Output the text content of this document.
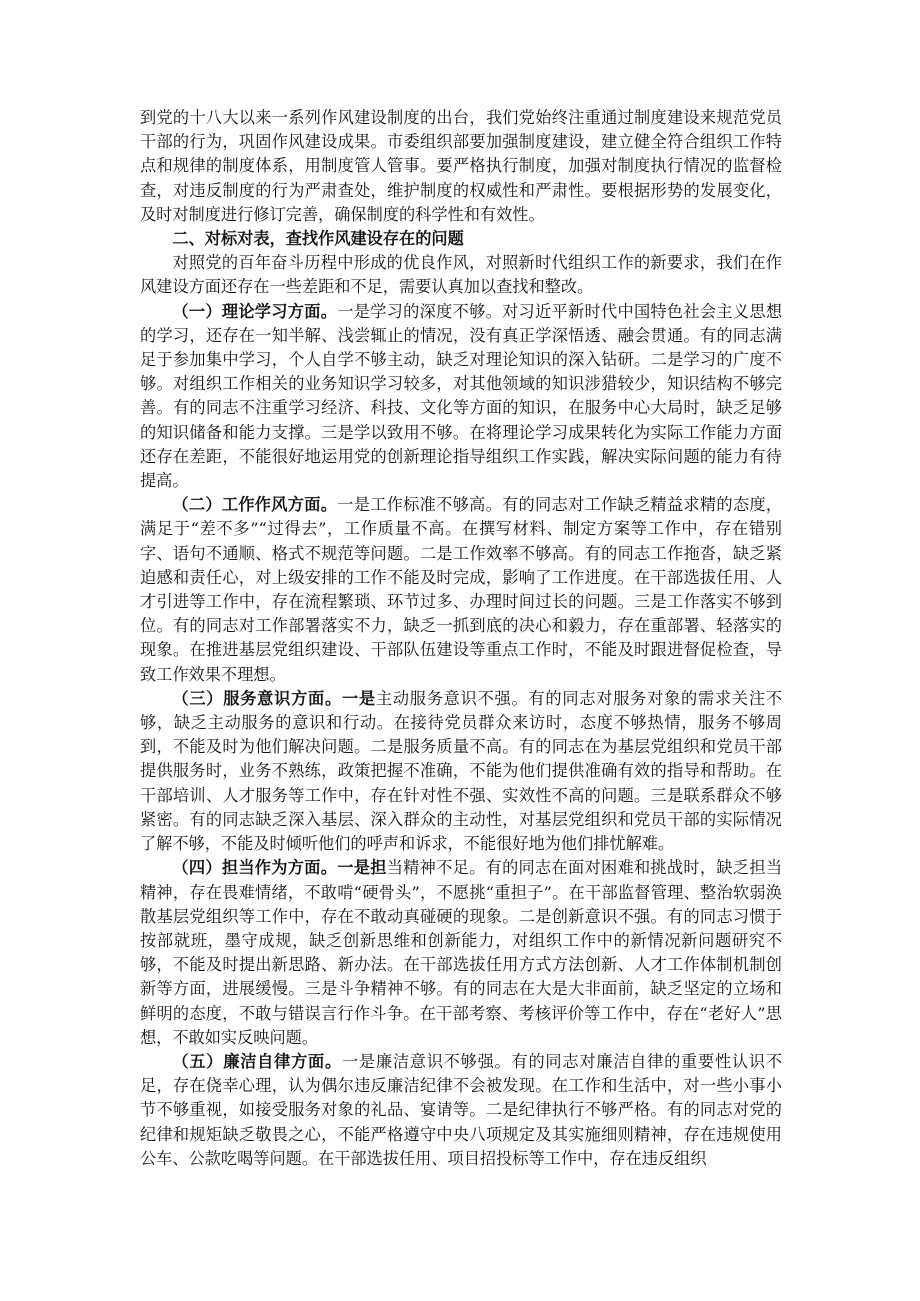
到党的十八大以来一系列作风建设制度的出台，我们党始终注重通过制度建设来规范党员干部的行为，巩固作风建设成果。市委组织部要加强制度建设，建立健全符合组织工作特点和规律的制度体系，用制度管人管事。要严格执行制度，加强对制度执行情况的监督检查，对违反制度的行为严肃查处，维护制度的权威性和严肃性。要根据形势的发展变化，及时对制度进行修订完善，确保制度的科学性和有效性。

二、对标对表，查找作风建设存在的问题

对照党的百年奋斗历程中形成的优良作风，对照新时代组织工作的新要求，我们在作风建设方面还存在一些差距和不足，需要认真加以查找和整改。

（一）理论学习方面。一是学习的深度不够。对习近平新时代中国特色社会主义思想的学习，还存在一知半解、浅尝辄止的情况，没有真正学深悟透、融会贯通。有的同志满足于参加集中学习，个人自学不够主动，缺乏对理论知识的深入钻研。二是学习的广度不够。对组织工作相关的业务知识学习较多，对其他领域的知识涉猎较少，知识结构不够完善。有的同志不注重学习经济、科技、文化等方面的知识，在服务中心大局时，缺乏足够的知识储备和能力支撑。三是学以致用不够。在将理论学习成果转化为实际工作能力方面还存在差距，不能很好地运用党的创新理论指导组织工作实践，解决实际问题的能力有待提高。

（二）工作作风方面。一是工作标准不够高。有的同志对工作缺乏精益求精的态度，满足于“差不多”“过得去”，工作质量不高。在撰写材料、制定方案等工作中，存在错别字、语句不通顺、格式不规范等问题。二是工作效率不够高。有的同志工作拖沓，缺乏紧迫感和责任心，对上级安排的工作不能及时完成，影响了工作进度。在干部选拔任用、人才引进等工作中，存在流程繁琐、环节过多、办理时间过长的问题。三是工作落实不够到位。有的同志对工作部署落实不力，缺乏一抓到底的决心和毅力，存在重部署、轻落实的现象。在推进基层党组织建设、干部队伍建设等重点工作时，不能及时跟进督促检查，导致工作效果不理想。

（三）服务意识方面。一是主动服务意识不强。有的同志对服务对象的需求关注不够，缺乏主动服务的意识和行动。在接待党员群众来访时，态度不够热情，服务不够周到，不能及时为他们解决问题。二是服务质量不高。有的同志在为基层党组织和党员干部提供服务时，业务不熟练，政策把握不准确，不能为他们提供准确有效的指导和帮助。在干部培训、人才服务等工作中，存在针对性不强、实效性不高的问题。三是联系群众不够紧密。有的同志缺乏深入基层、深入群众的主动性，对基层党组织和党员干部的实际情况了解不够，不能及时倾听他们的呼声和诉求，不能很好地为他们排忧解难。

（四）担当作为方面。一是担当精神不足。有的同志在面对困难和挑战时，缺乏担当精神，存在畏难情绪，不敢啃“硬骨头”，不愿挑“重担子”。在干部监督管理、整治软弱涣散基层党组织等工作中，存在不敢动真碰硬的现象。二是创新意识不强。有的同志习惯于按部就班，墨守成规，缺乏创新思维和创新能力，对组织工作中的新情况新问题研究不够，不能及时提出新思路、新办法。在干部选拔任用方式方法创新、人才工作体制机制创新等方面，进展缓慢。三是斗争精神不够。有的同志在大是大非面前，缺乏坚定的立场和鲜明的态度，不敢与错误言行作斗争。在干部考察、考核评价等工作中，存在“老好人”思想，不敢如实反映问题。

（五）廉洁自律方面。一是廉洁意识不够强。有的同志对廉洁自律的重要性认识不足，存在侥幸心理，认为偶尔违反廉洁纪律不会被发现。在工作和生活中，对一些小事小节不够重视，如接受服务对象的礼品、宴请等。二是纪律执行不够严格。有的同志对党的纪律和规矩缺乏敬畏之心，不能严格遵守中央八项规定及其实施细则精神，存在违规使用公车、公款吃喝等问题。在干部选拔任用、项目招投标等工作中，存在违反组织
